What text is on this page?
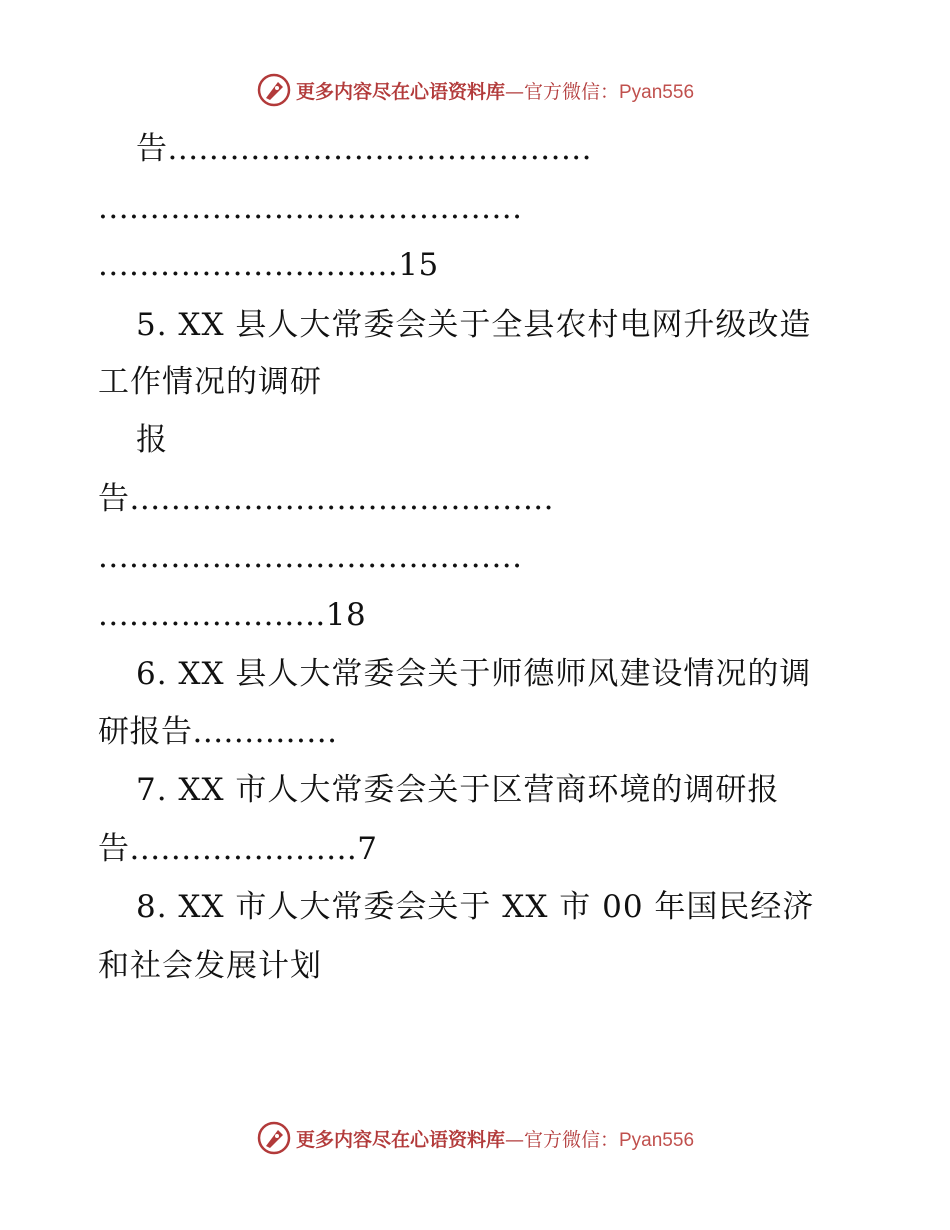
更多内容尽在心语资料库—官方微信：Pyan556
告.........................................
.........................................
.............................15
5. XX 县人大常委会关于全县农村电网升级改造
工作情况的调研
报
告.........................................
.........................................
......................18
6. XX 县人大常委会关于师德师风建设情况的调
研报告..............
7. XX 市人大常委会关于区营商环境的调研报
告......................7
8. XX 市人大常委会关于 XX 市 00 年国民经济
和社会发展计划
更多内容尽在心语资料库—官方微信：Pyan556
